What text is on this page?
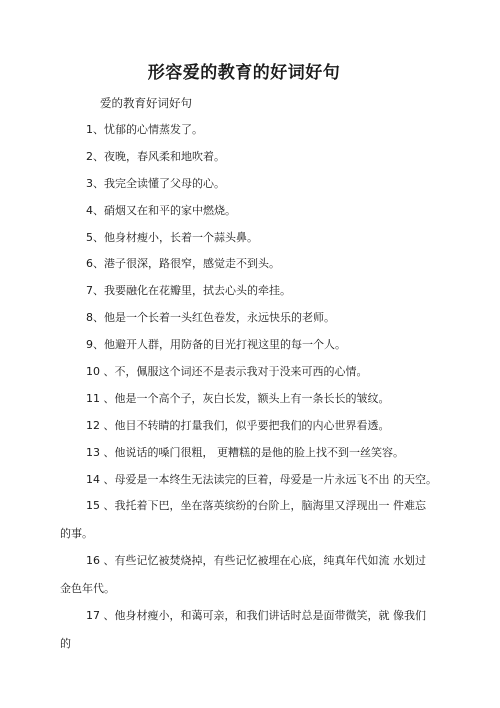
形容爱的教育的好词好句
爱的教育好词好句
1、忧郁的心情蒸发了。
2、夜晚，春风柔和地吹着。
3、我完全读懂了父母的心。
4、硝烟又在和平的家中燃烧。
5、他身材瘦小，长着一个蒜头鼻。
6、港子很深，路很窄，感觉走不到头。
7、我要融化在花瓣里，拭去心头的牵挂。
8、他是一个长着一头红色卷发，永远快乐的老师。
9、他避开人群，用防备的目光打视这里的每一个人。
10 、不，佩服这个词还不是表示我对于没来可西的心情。
11 、他是一个高个子，灰白长发，额头上有一条长长的皱纹。
12 、他目不转睛的打量我们，似乎要把我们的内心世界看透。
13 、他说话的嗓门很粗， 更糟糕的是他的脸上找不到一丝笑容。
14 、母爱是一本终生无法读完的巨着，母爱是一片永远飞不出 的天空。
15 、我托着下巴，坐在落英缤纷的台阶上，脑海里又浮现出一 件难忘的事。
16 、有些记忆被焚烧掉，有些记忆被埋在心底，纯真年代如流 水划过金色年代。
17 、他身材瘦小，和蔼可亲，和我们讲话时总是面带微笑，就 像我们的
